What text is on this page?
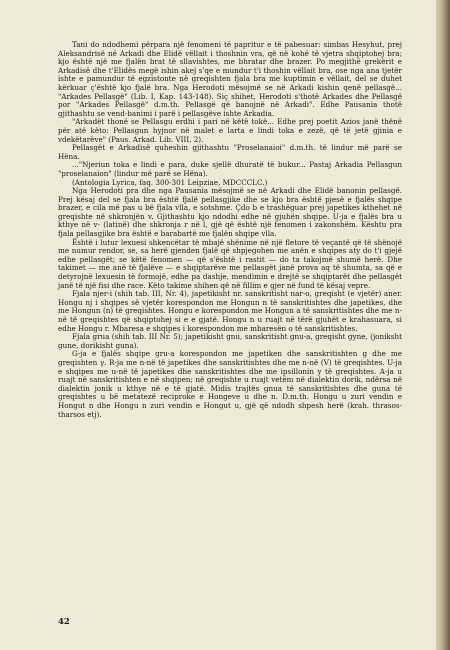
Tani do ndodhemi përpara një fenomeni të papritur e të pabesuar: simbas Hesyhut, prej Aleksandrisë në Arkadi dhe Elidë vëllait i thoshnin vra, që në kohë të vjetra shqiptohej bra; kjo është një me fjalën brat të sllavishtes, me bhratar dhe brazer. Po megjithë grekërit e Arkadisë dhe t'Elidës megë ishin akej s'qe e mundur t'i thoshin vëllait bra, ose nga ana tjetër ishte e pamundur të egzistonte në greqishten fjala bra me kuptimin e vëllait, del se duhet kërkuar ç'është kjo fjalë bra. Nga Herodoti mësojmë se në Arkadi kishin qenë pellasgë... "Arkades Pellasgë" (Lib. I, Kap. 143-148). Siç shihet, Herodoti s'thotë Arkades dhe Pellasgë por "Arkades Pellasgë" d.m.th. Pellasgë që banojnë në Arkadi". Edhe Pausania thotë gjithashtu se vend-banimi i parë i pellasgëve ishte Arkadia.

"Arkadët thonë se Pellasgu erdhi i pari në këtë tokë... Edhe prej poetit Azios janë thënë për atë këto: Pellasgun hyjnor në malet e larta e lindi toka e zezë, që të jetë gjinia e vdekëtarëve" (Paus. Arkad. Lib. VIII, 2).

Pellasgët e Arkadisë quheshin gjithashtu "Proselanaioi" d.m.th. të lindur më parë se Hëna.

..."Njeriun toka e lindi e para, duke sjellë dhuratë të bukur... Pastaj Arkadia Pellasgun "proselanaion" (lindur më parë se Hëna).

(Antologia Lyrica, faq. 300-301 Leipziae, MDCCCLC.)

Nga Herodoti pra dhe nga Pausania mësojmë se në Arkadi dhe Elidë banonin pellasgë. Prej kësaj del se fjala bra është fjalë pellasgjike dhe se kjo bra është pjesë e fjalës shqipe brazer, e cila më pas u bë fjala vlla, e sotshme. Çdo b e trashëguar prej japetikes kthehet në greqishte në shkronjën v. Gjithashtu kjo ndodhi edhe në gjuhën shqipe. U-ja e fjalës bra u kthye në v- (latinë) dhe shkronja r në l, gjë që është një fenomen i zakonshëm. Kështu pra fjala pellasgjike bra është e barabartë me fjalën shqipe vlla.

Është i lutur lexuesi shkencëtar të mbajë shënime në një fletore të veçantë që të shënojë me numur rendor, se, sa herë gjenden fjalë që shpjegohen me anën e shqipes aty do t'i gjejë edhe pellasgët; se këtë fenomen — që s'është i rastit — do ta takojmë shumë herë. Dhe takimet — me anë të fjalëve — e shqiptarëve me pellasgët janë prova aq të shumta, sa që e detyrojnë lexuesin të formojë, edhe pa dashje, mendimin e drejtë se shqiptarët dhe pellasgët janë të një fisi dhe race. Këto takime shihen që në fillim e gjer në fund të kësaj vepre.

Fjala njer-i (shih tab. III, Nr. 4), japetikisht nr. sanskritisht nar-o, greqisht (e vjetër) aner. Hongu nj i shqipes së vjetër korespondon me Hongun n të sanskritishtes dhe japetikes, dhe me Hongun (n) të greqishtes. Hongu e korespondon me Hongun a të sanskritishtes dhe me n-në të greqishtes që shqiptohej si e e gjatë. Hongu n u ruajt në tërë gjuhët e krahasuara, si edhe Hongu r. Mbaresa e shqipes i korespondon me mbaresën o të sanskritishtes.

Fjala grua (shih tab. III Nr. 5); japetikisht gnu, sanskritisht gnu-a, greqisht gyne, (joniksht gune, dorikisht guna).

G-ja e fjalës shqipe gru-a korespondon me japetiken dhe sanskritishten g dhe me greqishten γ. R-ja me n-në të japetikes dhe sanskritishtes dhe me n-në (V) të greqishtes. U-ja e shqipes me u-në të japetikes dhe sanskritishtes dhe me ipsillonin y të greqishtes. A-ja u ruajt në sanskritishten e në shqipen; në greqishte u ruajt vetëm në dialektin dorik, ndërsa në dialektin jonik u kthye në e të gjatë. Midis trajtës gnua të sanskritishtes dhe guna të greqishtes u bë metatezë reciproke e Hongeve u dhe n. D.m.th. Hongu u zuri vendin e Hongut n dhe Hongu n zuri vendin e Hongut u, gjë që ndodh shpesh herë (krah. thrasos-tharsos etj).

42
